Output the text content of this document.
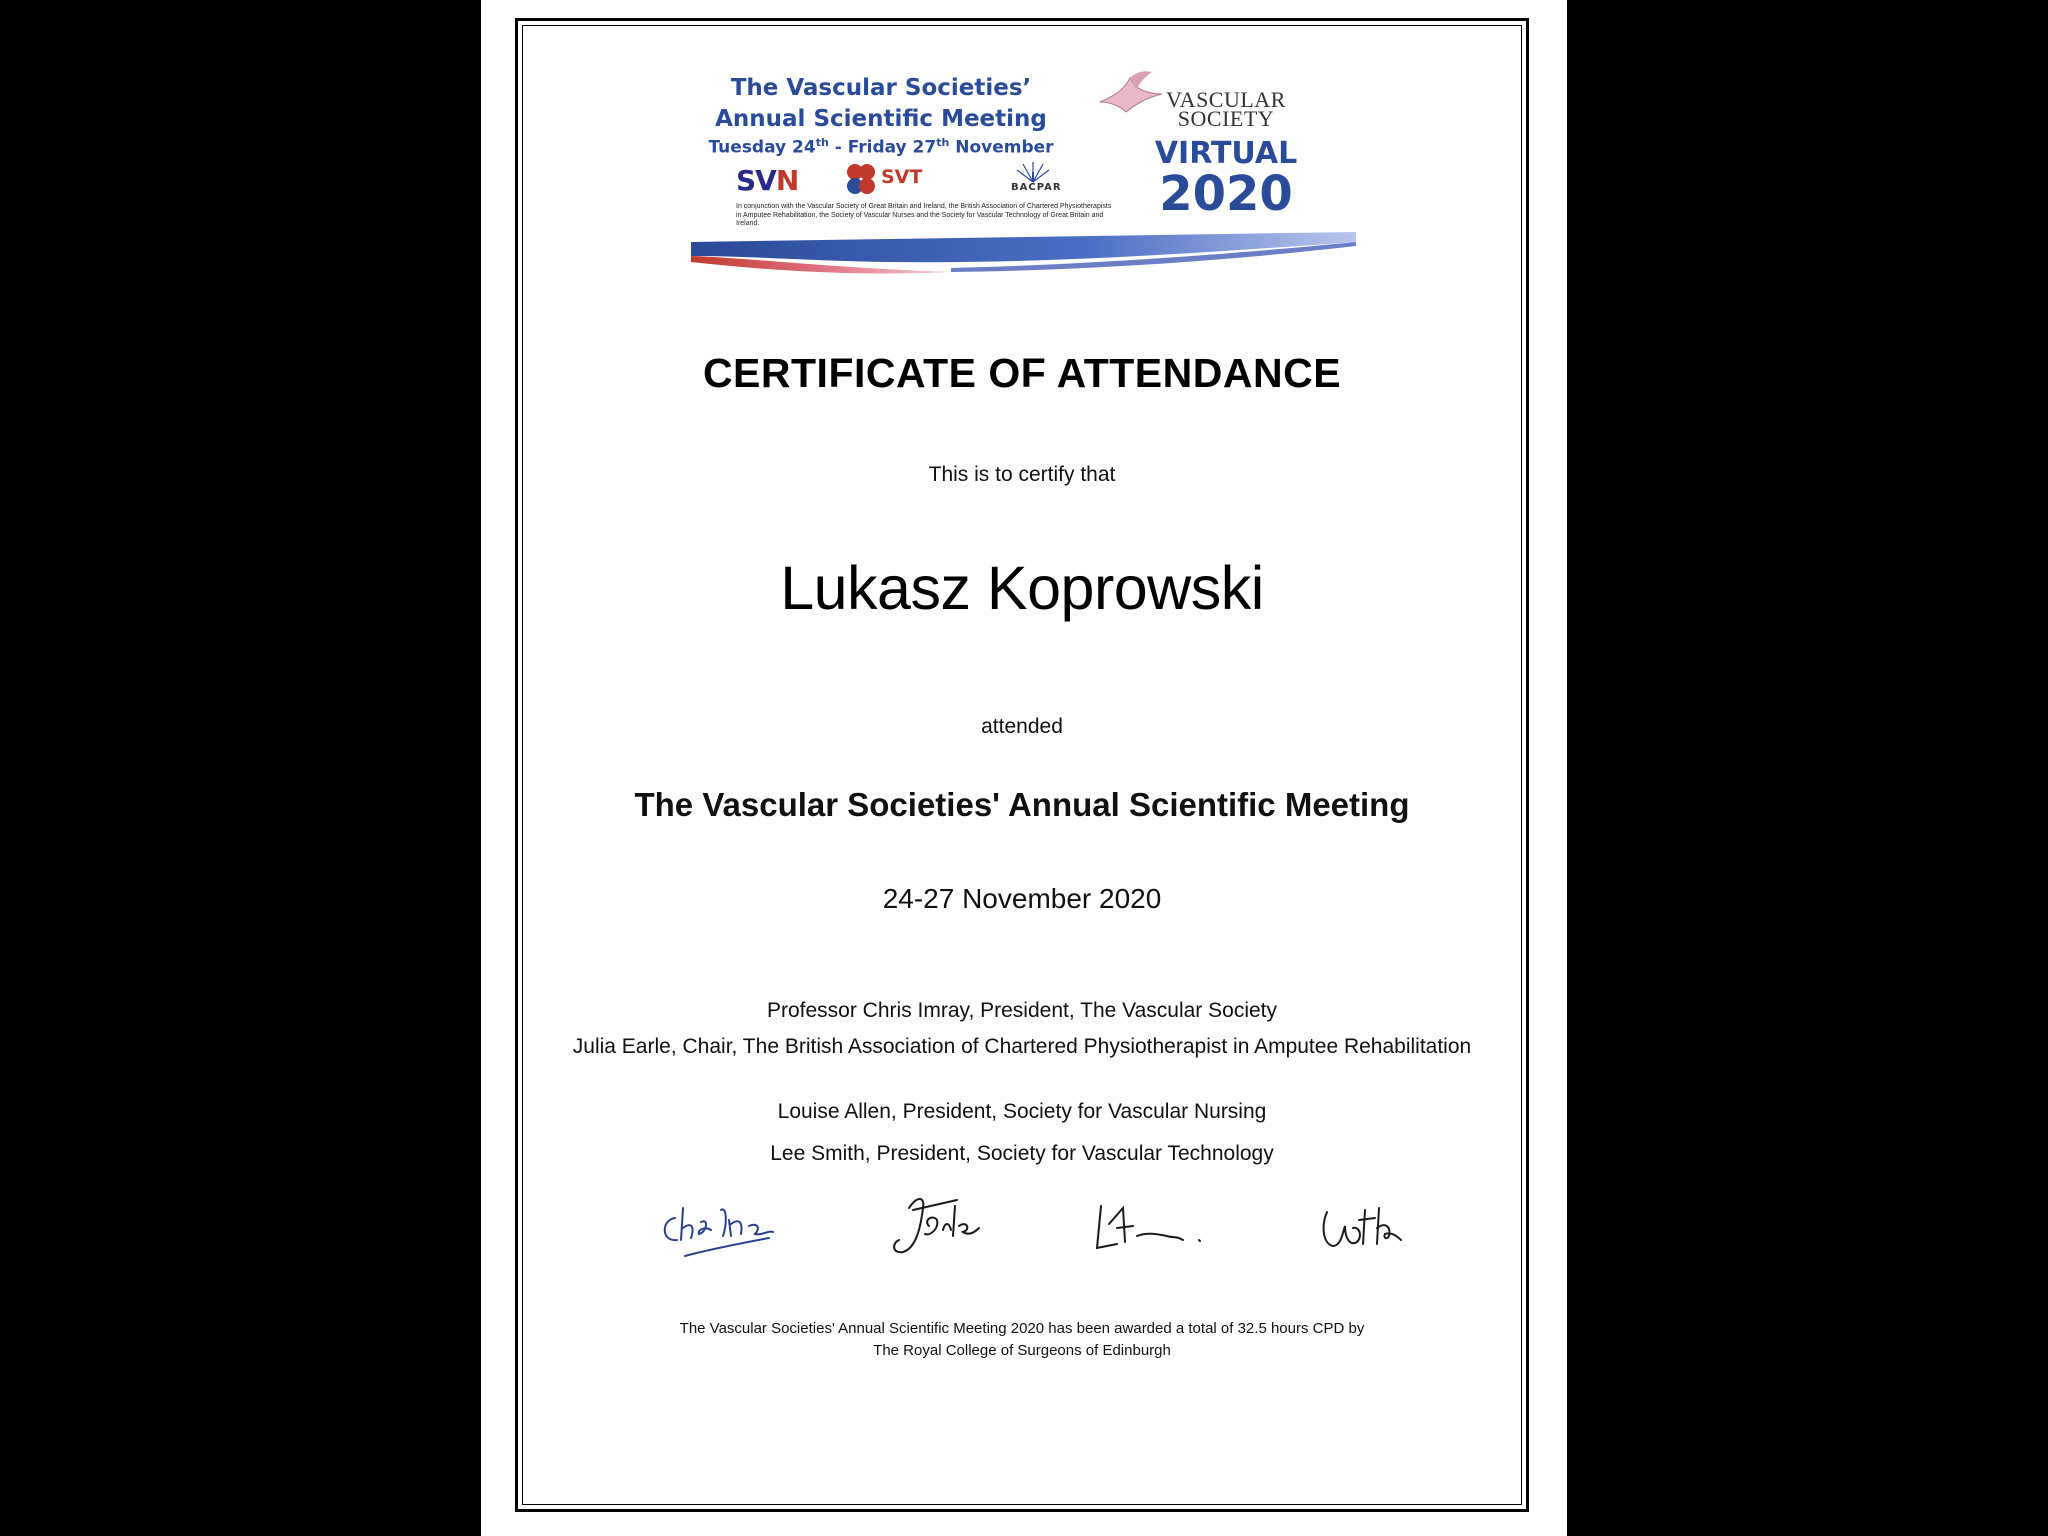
The Vascular Societies’
Annual Scientific Meeting
Tuesday 24th - Friday 27th November
SVN	SVT	BACPAR
In conjunction with the Vascular Society of Great Britain and Ireland, the British Association of Chartered Physiotherapists in Amputee Rehabilitation, the Society of Vascular Nurses and the Society for Vascular Technology of Great Britain and Ireland.
VASCULAR
SOCIETY
VIRTUAL
2020
CERTIFICATE OF ATTENDANCE
This is to certify that
Lukasz Koprowski
attended
The Vascular Societies' Annual Scientific Meeting
24-27 November 2020
Professor Chris Imray, President, The Vascular Society
Julia Earle, Chair, The British Association of Chartered Physiotherapist in Amputee Rehabilitation
Louise Allen, President, Society for Vascular Nursing
Lee Smith, President, Society for Vascular Technology
The Vascular Societies' Annual Scientific Meeting 2020 has been awarded a total of 32.5 hours CPD by
The Royal College of Surgeons of Edinburgh
